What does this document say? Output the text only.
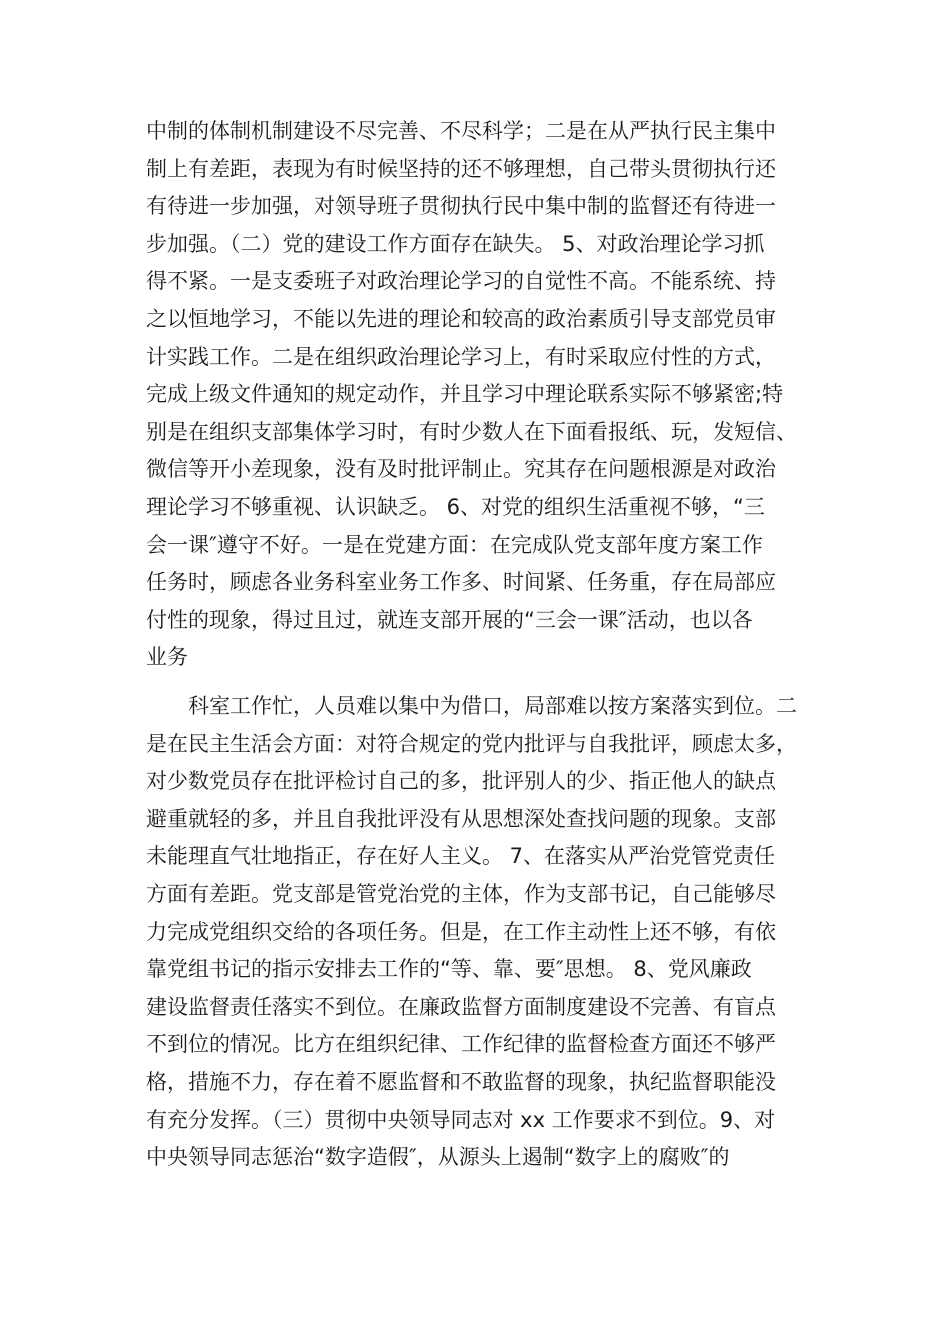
中制的体制机制建设不尽完善、不尽科学；二是在从严执行民主集中
制上有差距，表现为有时候坚持的还不够理想，自己带头贯彻执行还
有待进一步加强，对领导班子贯彻执行民中集中制的监督还有待进一
步加强。（二）党的建设工作方面存在缺失。 5、对政治理论学习抓
得不紧。一是支委班子对政治理论学习的自觉性不高。不能系统、持
之以恒地学习，不能以先进的理论和较高的政治素质引导支部党员审
计实践工作。二是在组织政治理论学习上，有时采取应付性的方式，
完成上级文件通知的规定动作，并且学习中理论联系实际不够紧密;特
别是在组织支部集体学习时，有时少数人在下面看报纸、玩，发短信、
微信等开小差现象，没有及时批评制止。究其存在问题根源是对政治
理论学习不够重视、认识缺乏。 6、对党的组织生活重视不够，“三
会一课″遵守不好。一是在党建方面：在完成队党支部年度方案工作
任务时，顾虑各业务科室业务工作多、时间紧、任务重，存在局部应
付性的现象，得过且过，就连支部开展的“三会一课″活动，也以各
业务
　　科室工作忙，人员难以集中为借口，局部难以按方案落实到位。二
是在民主生活会方面：对符合规定的党内批评与自我批评，顾虑太多，
对少数党员存在批评检讨自己的多，批评别人的少、指正他人的缺点
避重就轻的多，并且自我批评没有从思想深处查找问题的现象。支部
未能理直气壮地指正，存在好人主义。 7、在落实从严治党管党责任
方面有差距。党支部是管党治党的主体，作为支部书记，自己能够尽
力完成党组织交给的各项任务。但是，在工作主动性上还不够，有依
靠党组书记的指示安排去工作的“等、靠、要″思想。 8、党风廉政
建设监督责任落实不到位。在廉政监督方面制度建设不完善、有盲点
不到位的情况。比方在组织纪律、工作纪律的监督检查方面还不够严
格，措施不力，存在着不愿监督和不敢监督的现象，执纪监督职能没
有充分发挥。（三）贯彻中央领导同志对 xx 工作要求不到位。9、对
中央领导同志惩治“数字造假″，从源头上遏制“数字上的腐败″的
